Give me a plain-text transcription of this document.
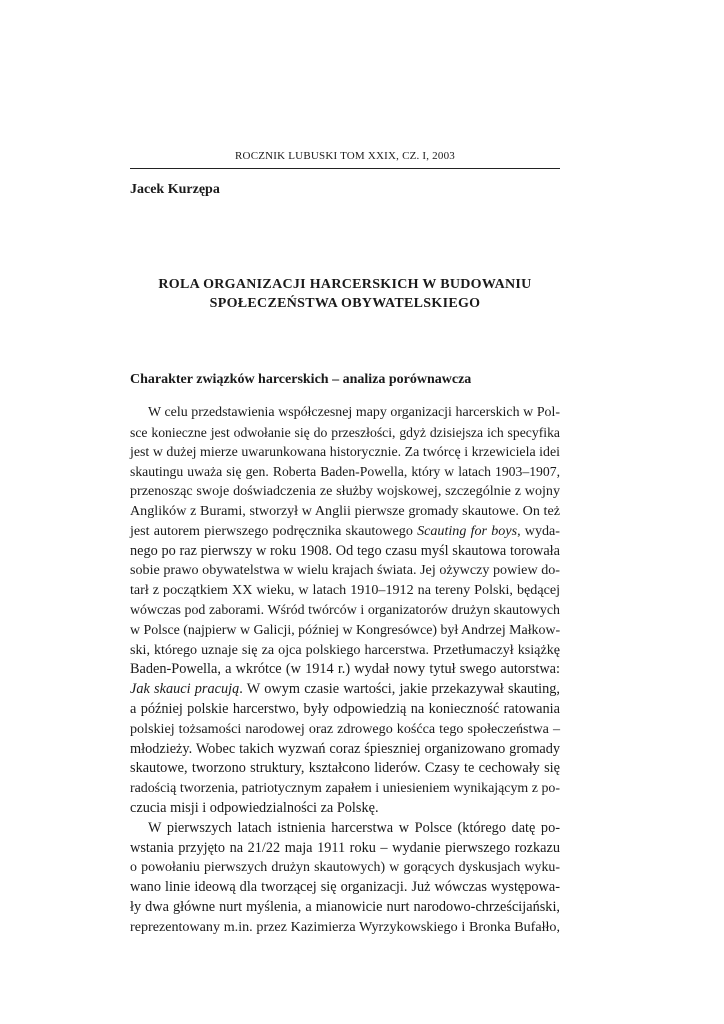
ROCZNIK LUBUSKI TOM XXIX, CZ. I, 2003
Jacek Kurzępa
ROLA ORGANIZACJI HARCERSKICH W BUDOWANIU
SPOŁECZEŃSTWA OBYWATELSKIEGO
Charakter związków harcerskich – analiza porównawcza
W celu przedstawienia współczesnej mapy organizacji harcerskich w Pol-
sce konieczne jest odwołanie się do przeszłości, gdyż dzisiejsza ich specyfika
jest w dużej mierze uwarunkowana historycznie. Za twórcę i krzewiciela idei
skautingu uważa się gen. Roberta Baden-Powella, który w latach 1903–1907,
przenosząc swoje doświadczenia ze służby wojskowej, szczególnie z wojny
Anglików z Burami, stworzył w Anglii pierwsze gromady skautowe. On też
jest autorem pierwszego podręcznika skautowego Scauting for boys, wyda-
nego po raz pierwszy w roku 1908. Od tego czasu myśl skautowa torowała
sobie prawo obywatelstwa w wielu krajach świata. Jej ożywczy powiew do-
tarł z początkiem XX wieku, w latach 1910–1912 na tereny Polski, będącej
wówczas pod zaborami. Wśród twórców i organizatorów drużyn skautowych
w Polsce (najpierw w Galicji, później w Kongresówce) był Andrzej Małkow-
ski, którego uznaje się za ojca polskiego harcerstwa. Przetłumaczył książkę
Baden-Powella, a wkrótce (w 1914 r.) wydał nowy tytuł swego autorstwa:
Jak skauci pracują. W owym czasie wartości, jakie przekazywał skauting,
a później polskie harcerstwo, były odpowiedzią na konieczność ratowania
polskiej tożsamości narodowej oraz zdrowego kośćca tego społeczeństwa –
młodzieży. Wobec takich wyzwań coraz śpieszniej organizowano gromady
skautowe, tworzono struktury, kształcono liderów. Czasy te cechowały się
radością tworzenia, patriotycznym zapałem i uniesieniem wynikającym z po-
czucia misji i odpowiedzialności za Polskę.
W pierwszych latach istnienia harcerstwa w Polsce (którego datę po-
wstania przyjęto na 21/22 maja 1911 roku – wydanie pierwszego rozkazu
o powołaniu pierwszych drużyn skautowych) w gorących dyskusjach wyku-
wano linie ideową dla tworzącej się organizacji. Już wówczas występowa-
ły dwa główne nurt myślenia, a mianowicie nurt narodowo-chrześcijański,
reprezentowany m.in. przez Kazimierza Wyrzykowskiego i Bronka Bufałło,
